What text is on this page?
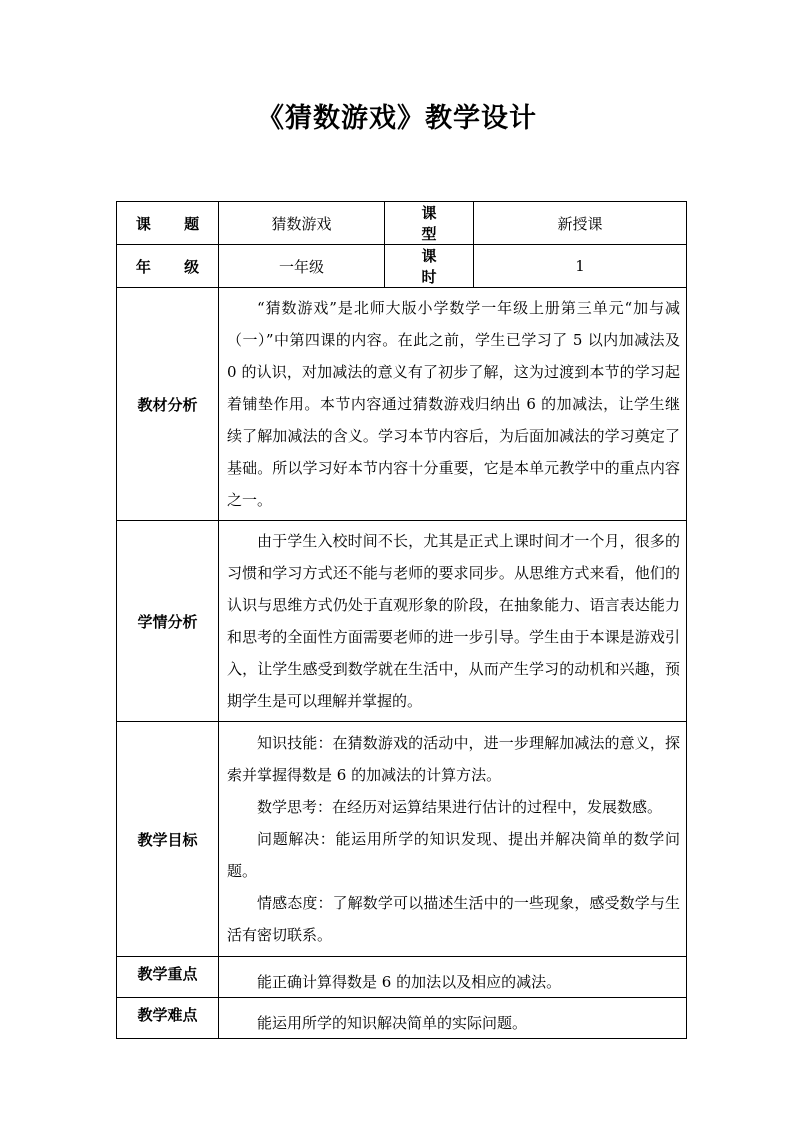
《猜数游戏》教学设计
课 题	猜数游戏	课 型	新授课
年 级	一年级	课 时	1
教材分析	“猜数游戏”是北师大版小学数学一年级上册第三单元“加与减（一）”中第四课的内容。在此之前，学生已学习了 5 以内加减法及 0 的认识，对加减法的意义有了初步了解，这为过渡到本节的学习起着铺垫作用。本节内容通过猜数游戏归纳出 6 的加减法，让学生继续了解加减法的含义。学习本节内容后，为后面加减法的学习奠定了基础。所以学习好本节内容十分重要，它是本单元教学中的重点内容之一。		

学情分析	由于学生入校时间不长，尤其是正式上课时间才一个月，很多的习惯和学习方式还不能与老师的要求同步。从思维方式来看，他们的认识与思维方式仍处于直观形象的阶段，在抽象能力、语言表达能力和思考的全面性方面需要老师的进一步引导。学生由于本课是游戏引入，让学生感受到数学就在生活中，从而产生学习的动机和兴趣，预期学生是可以理解并掌握的。		

教学目标	知识技能：在猜数游戏的活动中，进一步理解加减法的意义，探索并掌握得数是 6 的加减法的计算方法。

数学思考：在经历对运算结果进行估计的过程中，发展数感。

问题解决：能运用所学的知识发现、提出并解决简单的数学问题。

情感态度：了解数学可以描述生活中的一些现象，感受数学与生活有密切联系。		

教学重点	能正确计算得数是 6 的加法以及相应的减法。		

教学难点	能运用所学的知识解决简单的实际问题。		
